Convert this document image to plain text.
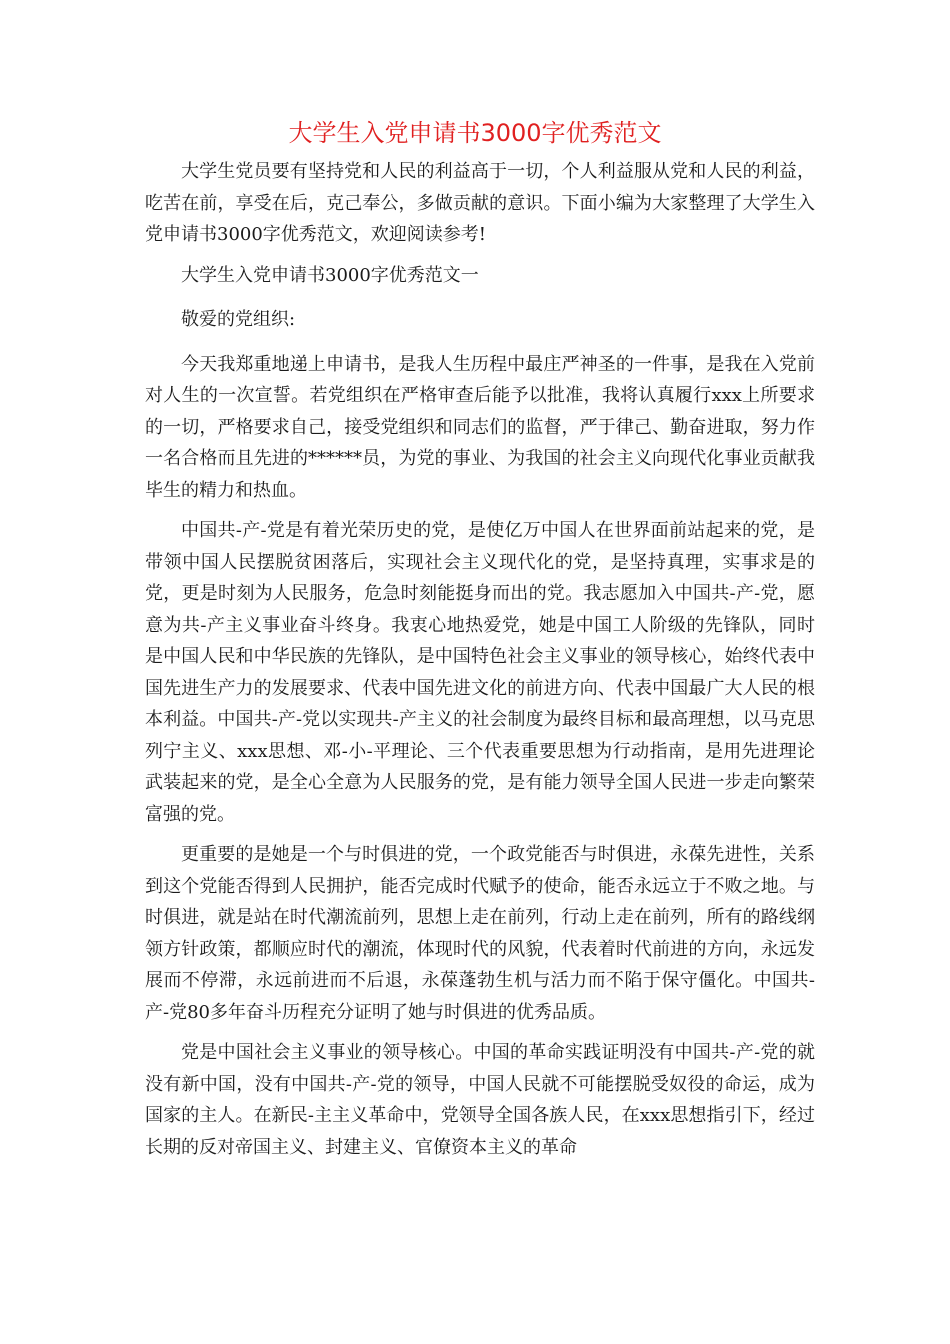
大学生入党申请书3000字优秀范文

大学生党员要有坚持党和人民的利益高于一切，个人利益服从党和人民的利益，吃苦在前，享受在后，克己奉公，多做贡献的意识。下面小编为大家整理了大学生入党申请书3000字优秀范文，欢迎阅读参考!

大学生入党申请书3000字优秀范文一

敬爱的党组织:

今天我郑重地递上申请书，是我人生历程中最庄严神圣的一件事，是我在入党前对人生的一次宣誓。若党组织在严格审查后能予以批准，我将认真履行xxx上所要求的一切，严格要求自己，接受党组织和同志们的监督，严于律己、勤奋进取，努力作一名合格而且先进的******员，为党的事业、为我国的社会主义向现代化事业贡献我毕生的精力和热血。

中国共-产-党是有着光荣历史的党，是使亿万中国人在世界面前站起来的党，是带领中国人民摆脱贫困落后，实现社会主义现代化的党，是坚持真理，实事求是的党，更是时刻为人民服务，危急时刻能挺身而出的党。我志愿加入中国共-产-党，愿意为共-产主义事业奋斗终身。我衷心地热爱党，她是中国工人阶级的先锋队，同时是中国人民和中华民族的先锋队，是中国特色社会主义事业的领导核心，始终代表中国先进生产力的发展要求、代表中国先进文化的前进方向、代表中国最广大人民的根本利益。中国共-产-党以实现共-产主义的社会制度为最终目标和最高理想，以马克思列宁主义、xxx思想、邓-小-平理论、三个代表重要思想为行动指南，是用先进理论武装起来的党，是全心全意为人民服务的党，是有能力领导全国人民进一步走向繁荣富强的党。

更重要的是她是一个与时俱进的党，一个政党能否与时俱进，永葆先进性，关系到这个党能否得到人民拥护，能否完成时代赋予的使命，能否永远立于不败之地。与时俱进，就是站在时代潮流前列，思想上走在前列，行动上走在前列，所有的路线纲领方针政策，都顺应时代的潮流，体现时代的风貌，代表着时代前进的方向，永远发展而不停滞，永远前进而不后退，永葆蓬勃生机与活力而不陷于保守僵化。中国共-产-党80多年奋斗历程充分证明了她与时俱进的优秀品质。

党是中国社会主义事业的领导核心。中国的革命实践证明没有中国共-产-党的就没有新中国，没有中国共-产-党的领导，中国人民就不可能摆脱受奴役的命运，成为国家的主人。在新民-主主义革命中，党领导全国各族人民，在xxx思想指引下，经过长期的反对帝国主义、封建主义、官僚资本主义的革命
